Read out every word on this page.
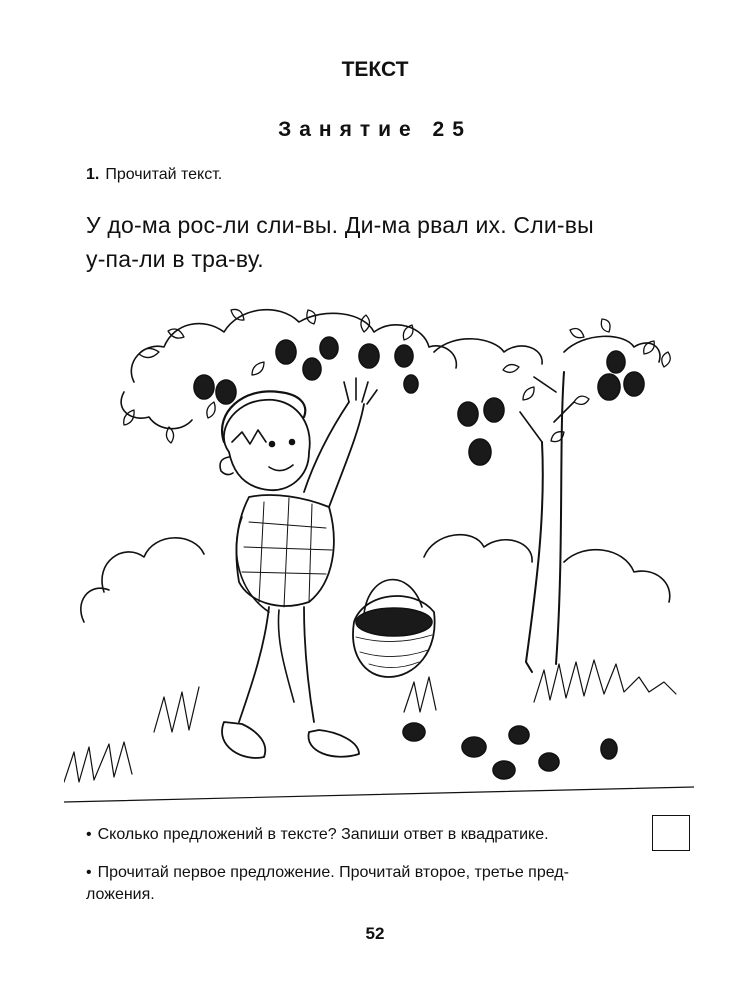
ТЕКСТ
Занятие 25
1. Прочитай текст.
У до-ма рос-ли сли-вы. Ди-ма рвал их. Сли-вы
у-па-ли в тра-ву.
• Сколько предложений в тексте? Запиши ответ в квадратике.
• Прочитай первое предложение. Прочитай второе, третье пред-
ложения.
52
